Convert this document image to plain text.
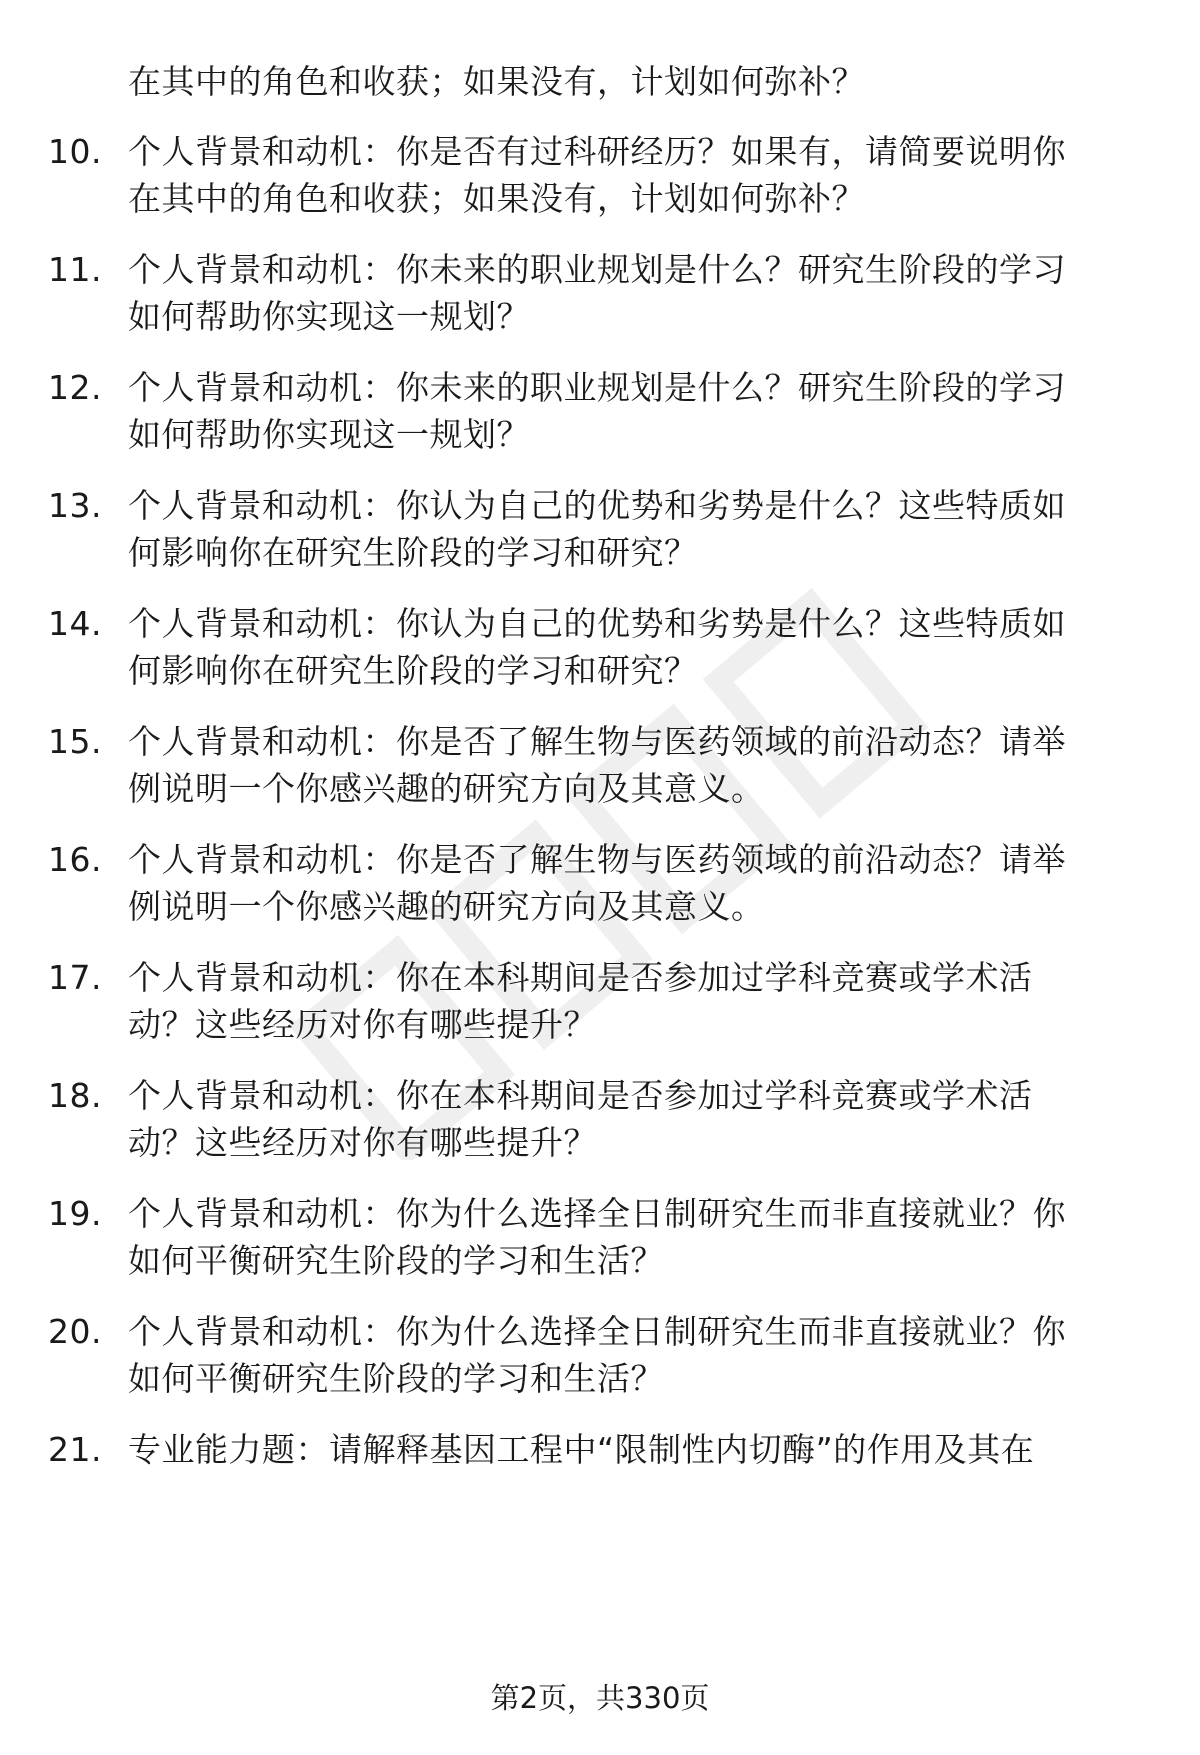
在其中的角色和收获；如果没有，计划如何弥补？
10. 个人背景和动机：你是否有过科研经历？如果有，请简要说明你
在其中的角色和收获；如果没有，计划如何弥补？
11. 个人背景和动机：你未来的职业规划是什么？研究生阶段的学习
如何帮助你实现这一规划？
12. 个人背景和动机：你未来的职业规划是什么？研究生阶段的学习
如何帮助你实现这一规划？
13. 个人背景和动机：你认为自己的优势和劣势是什么？这些特质如
何影响你在研究生阶段的学习和研究？
14. 个人背景和动机：你认为自己的优势和劣势是什么？这些特质如
何影响你在研究生阶段的学习和研究？
15. 个人背景和动机：你是否了解生物与医药领域的前沿动态？请举
例说明一个你感兴趣的研究方向及其意义。
16. 个人背景和动机：你是否了解生物与医药领域的前沿动态？请举
例说明一个你感兴趣的研究方向及其意义。
17. 个人背景和动机：你在本科期间是否参加过学科竞赛或学术活
动？这些经历对你有哪些提升？
18. 个人背景和动机：你在本科期间是否参加过学科竞赛或学术活
动？这些经历对你有哪些提升？
19. 个人背景和动机：你为什么选择全日制研究生而非直接就业？你
如何平衡研究生阶段的学习和生活？
20. 个人背景和动机：你为什么选择全日制研究生而非直接就业？你
如何平衡研究生阶段的学习和生活？
21. 专业能力题：请解释基因工程中“限制性内切酶”的作用及其在
第2页，共330页
